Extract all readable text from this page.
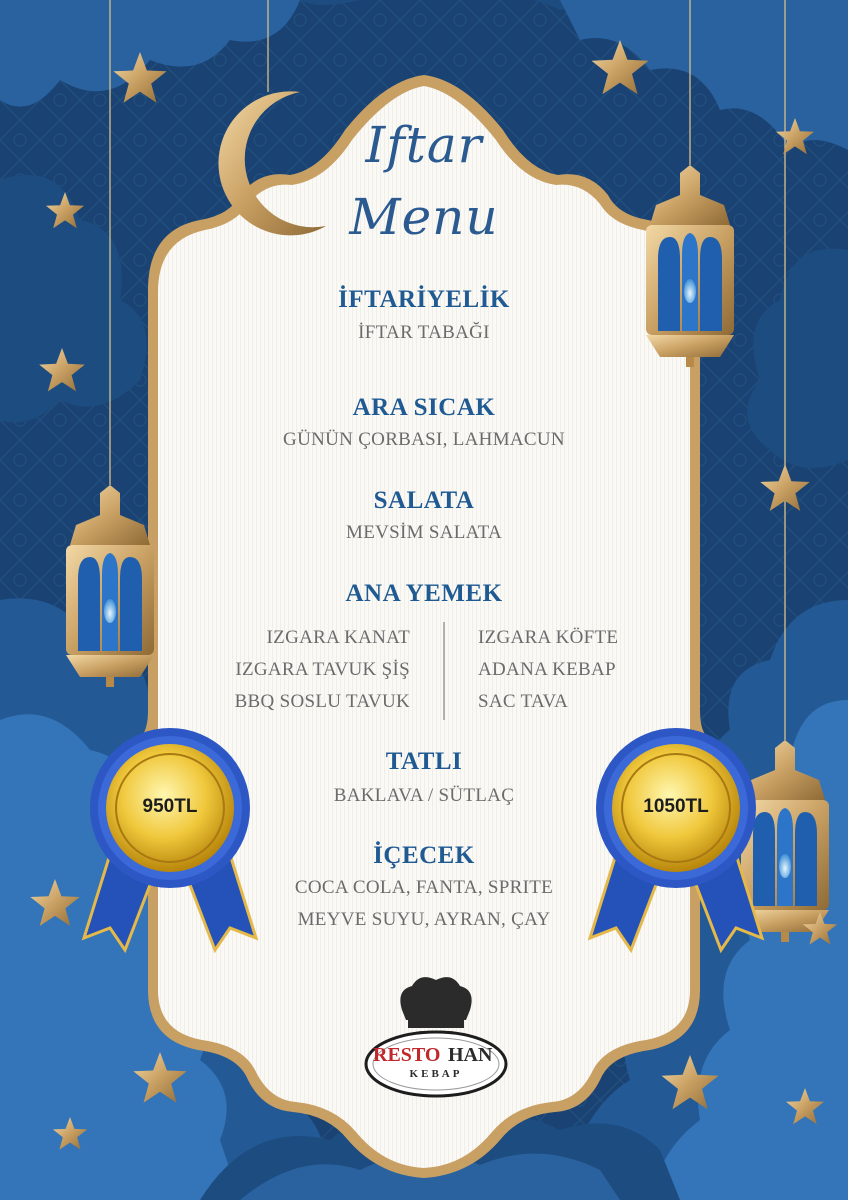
Iftar
Menu
İFTARİYELİK
İFTAR TABAĞI
ARA SICAK
GÜNÜN ÇORBASI, LAHMACUN
SALATA
MEVSİM SALATA
ANA YEMEK
IZGARA KANAT
IZGARA TAVUK ŞİŞ
BBQ SOSLU TAVUK
IZGARA KÖFTE
ADANA KEBAP
SAC TAVA
TATLI
BAKLAVA / SÜTLAÇ
İÇECEK
COCA COLA, FANTA, SPRITE
MEYVE SUYU, AYRAN, ÇAY
950TL	1050TL
RESTO HAN
KEBAP
